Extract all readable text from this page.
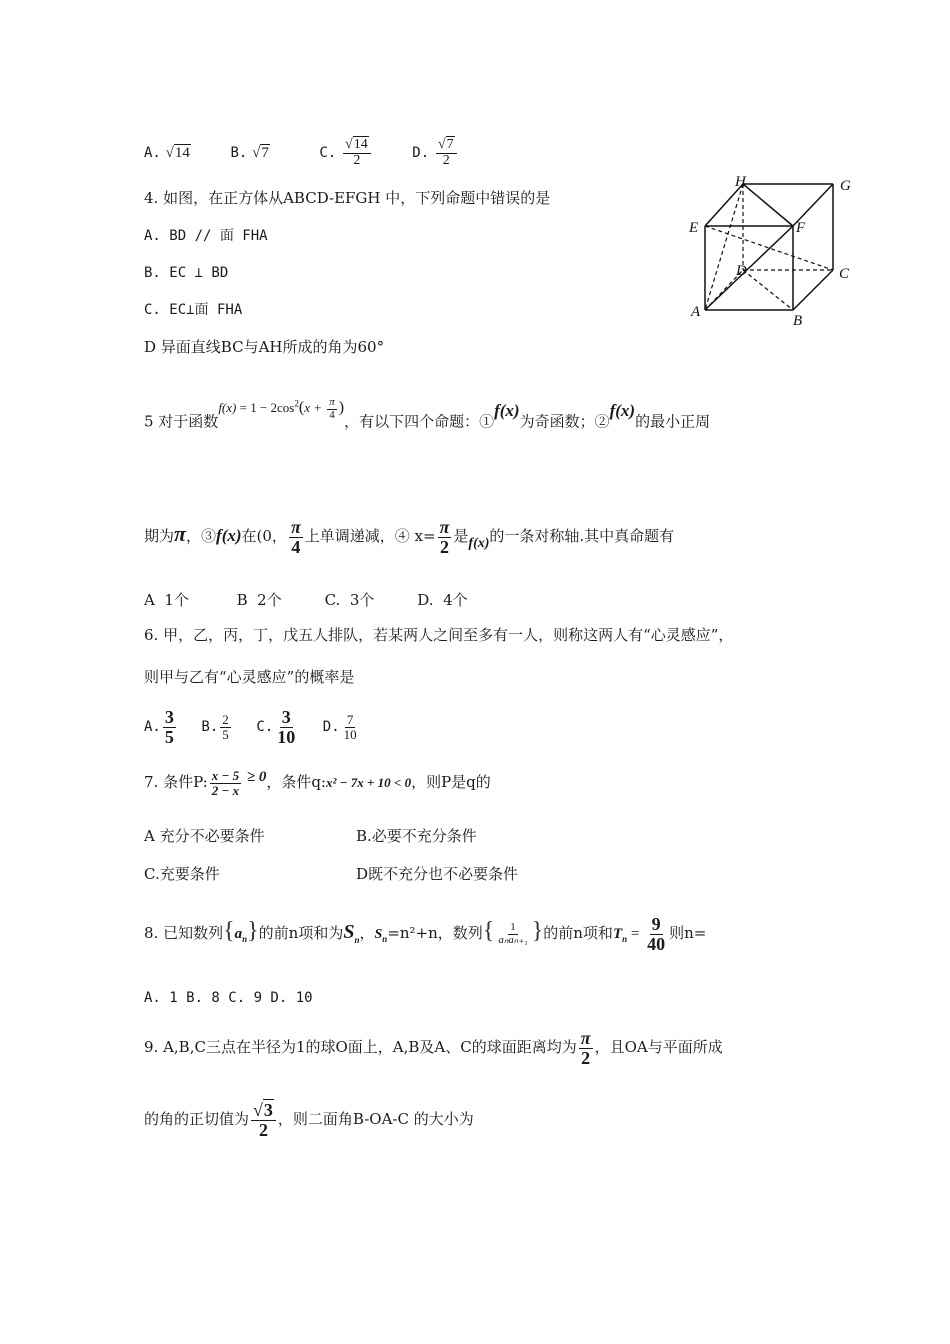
A. √14	B. √7	C. $\frac{√14}{2}$	D. $\frac{√7}{2}$
4. 如图，在正方体从ABCD-EFGH 中，下列命题中错误的是
A. BD // 面 FHA
B. EC ⊥ BD
C. EC⊥面 FHA
D 异面直线BC与AH所成的角为60°
H	G
E	F
D	C
A
B
5 对于函数$f(x) = 1 - 2\cos^2(x + \frac{\pi}{4}$ )，有以下四个命题：①f(x)为奇函数；②f(x)的最小正周
期为π，③f(x)在(0， $\frac{\pi}{4}$ 上单调递减，④ $x= \frac{\pi}{2}$ 是f(x)的一条对称轴.其中真命题有
A  1个          B  2个         C.  3个         D.  4个
6. 甲，乙，丙，丁，戊五人排队，若某两人之间至多有一人，则称这两人有“心灵感应”，
则甲与乙有“心灵感应”的概率是
A. $\frac{3}{5} B$. $\frac{2}{5} C$. $\frac{3}{10} D$. $\frac{7}{10}$
7. 条件P: $\frac{x - 5}{2 - x} \ge 0$，条件q:x² − 7x + 10 < 0，则P是q的
A 充分不必要条件	B.必要不充分条件
C.充要条件	D既不充分也不必要条件
8. 已知数列$\{a_n\}$的前n项和为$S_n$，$S_n=n^2+n$，数列{ $\frac{1}{\text{aₙaₙ₊₁}}$ }的前n项和$T_n = \frac{9}{40}$ 则n=
A. 1 B. 8 C. 9 D. 10
9. A,B,C三点在半径为1的球O面上，A,B及A、C的球面距离均为 $\frac{\pi}{2}$ ，且OA与平面所成
的角的正切值为 $\frac{√3}{2}$ ，则二面角B-OA-C 的大小为
